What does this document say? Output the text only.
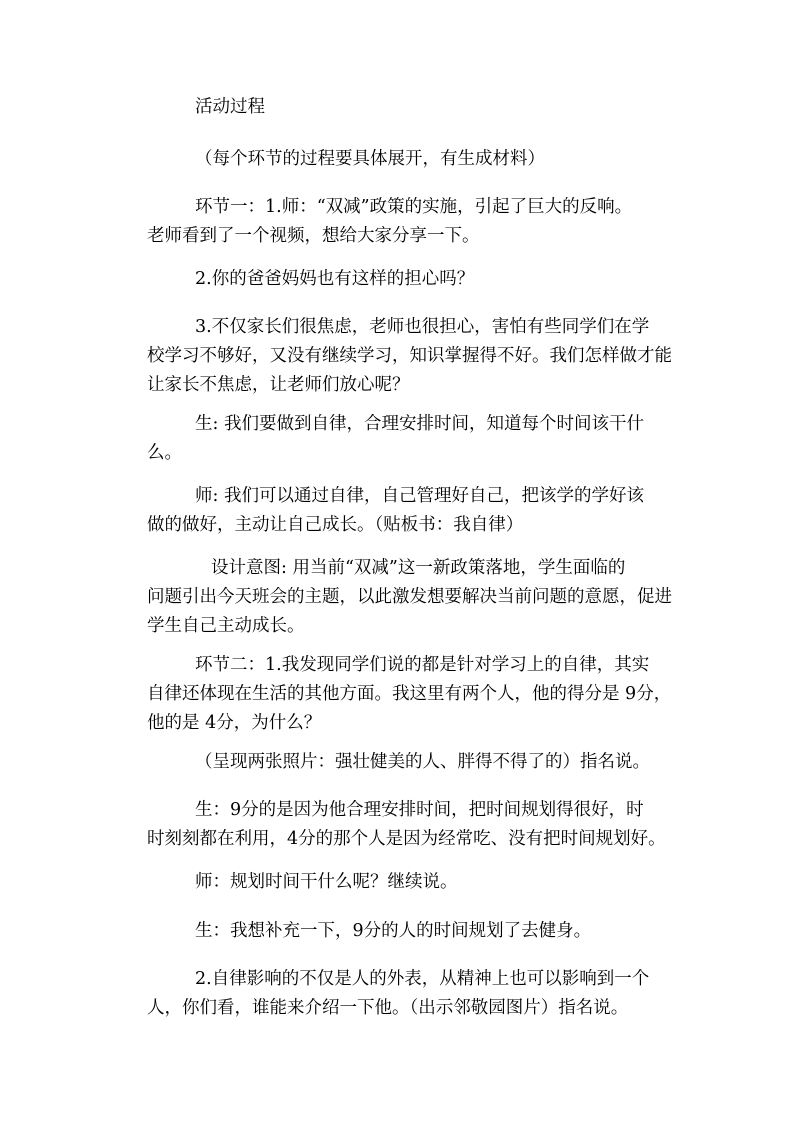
活动过程

（每个环节的过程要具体展开，有生成材料）

环节一：1.师：“双减”政策的实施，引起了巨大的反响。
老师看到了一个视频，想给大家分享一下。

2.你的爸爸妈妈也有这样的担心吗？

3.不仅家长们很焦虑，老师也很担心，害怕有些同学们在学
校学习不够好，又没有继续学习，知识掌握得不好。我们怎样做才能
让家长不焦虑，让老师们放心呢？

生: 我们要做到自律，合理安排时间，知道每个时间该干什
么。

师: 我们可以通过自律，自己管理好自己，把该学的学好该
做的做好，主动让自己成长。（贴板书：我自律）

设计意图: 用当前“双减”这一新政策落地，学生面临的
问题引出今天班会的主题，以此激发想要解决当前问题的意愿，促进
学生自己主动成长。

环节二：1.我发现同学们说的都是针对学习上的自律，其实
自律还体现在生活的其他方面。我这里有两个人，他的得分是 9分，
他的是 4分，为什么？

（呈现两张照片：强壮健美的人、胖得不得了的）指名说。

生：9分的是因为他合理安排时间，把时间规划得很好，时
时刻刻都在利用，4分的那个人是因为经常吃、没有把时间规划好。

师：规划时间干什么呢？继续说。

生：我想补充一下，9分的人的时间规划了去健身。

2.自律影响的不仅是人的外表，从精神上也可以影响到一个
人，你们看，谁能来介绍一下他。（出示邻敬园图片）指名说。
